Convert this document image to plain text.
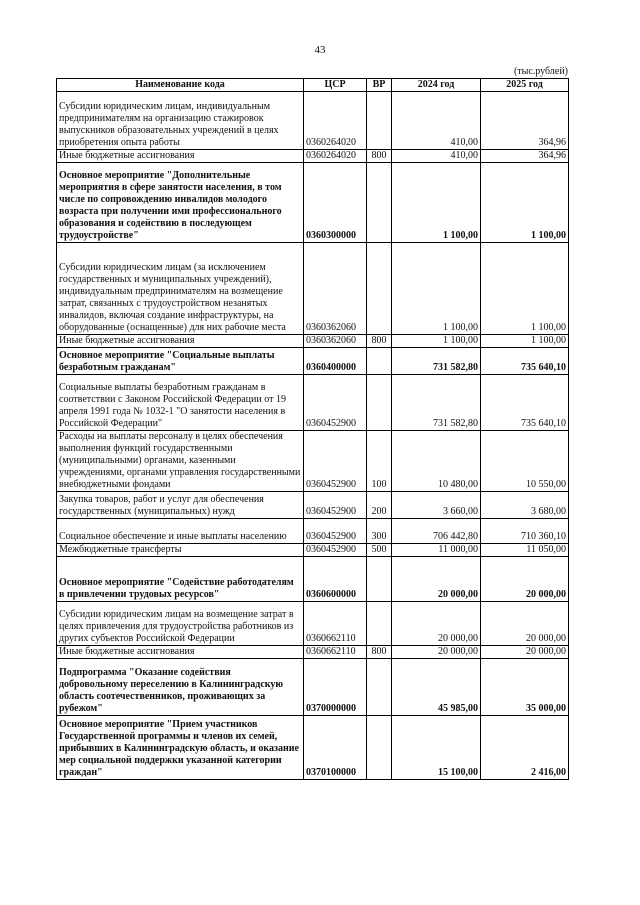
43
(тыс.рублей)
Наименование кода	ЦСР	ВР	2024 год	2025 год
Субсидии юридическим лицам, индивидуальным предпринимателям на организацию стажировок выпускников образовательных учреждений в целях приобретения опыта работы	0360264020		410,00	364,96
Иные бюджетные ассигнования	0360264020	800	410,00	364,96
Основное мероприятие "Дополнительные мероприятия в сфере занятости населения, в том числе по сопровождению инвалидов молодого возраста при получении ими профессионального образования и содействию в последующем трудоустройстве"	0360300000		1 100,00	1 100,00
Субсидии юридическим лицам (за исключением государственных и муниципальных учреждений), индивидуальным предпринимателям на возмещение затрат, связанных с трудоустройством незанятых инвалидов, включая создание инфраструктуры, на оборудованные (оснащенные) для них рабочие места	0360362060		1 100,00	1 100,00
Иные бюджетные ассигнования	0360362060	800	1 100,00	1 100,00
Основное мероприятие "Социальные выплаты безработным гражданам"	0360400000		731 582,80	735 640,10
Социальные выплаты безработным гражданам в соответствии с Законом Российской Федерации от 19 апреля 1991 года № 1032-1 "О занятости населения в Российской Федерации"	0360452900		731 582,80	735 640,10
Расходы на выплаты персоналу в целях обеспечения выполнения функций государственными (муниципальными) органами, казенными учреждениями, органами управления государственными внебюджетными фондами	0360452900	100	10 480,00	10 550,00
Закупка товаров, работ и услуг для обеспечения государственных (муниципальных) нужд	0360452900	200	3 660,00	3 680,00
Социальное обеспечение и иные выплаты населению	0360452900	300	706 442,80	710 360,10
Межбюджетные трансферты	0360452900	500	11 000,00	11 050,00
Основное мероприятие "Содействие работодателям в привлечении трудовых ресурсов"	0360600000		20 000,00	20 000,00
Субсидии юридическим лицам на возмещение затрат в целях привлечения для трудоустройства работников из других субъектов Российской Федерации	0360662110		20 000,00	20 000,00
Иные бюджетные ассигнования	0360662110	800	20 000,00	20 000,00
Подпрограмма "Оказание содействия добровольному переселению в Калининградскую область соотечественников, проживающих за рубежом"	0370000000		45 985,00	35 000,00
Основное мероприятие "Прием участников Государственной программы и членов их семей, прибывших в Калининградскую область, и оказание мер социальной поддержки указанной категории граждан"	0370100000		15 100,00	2 416,00
